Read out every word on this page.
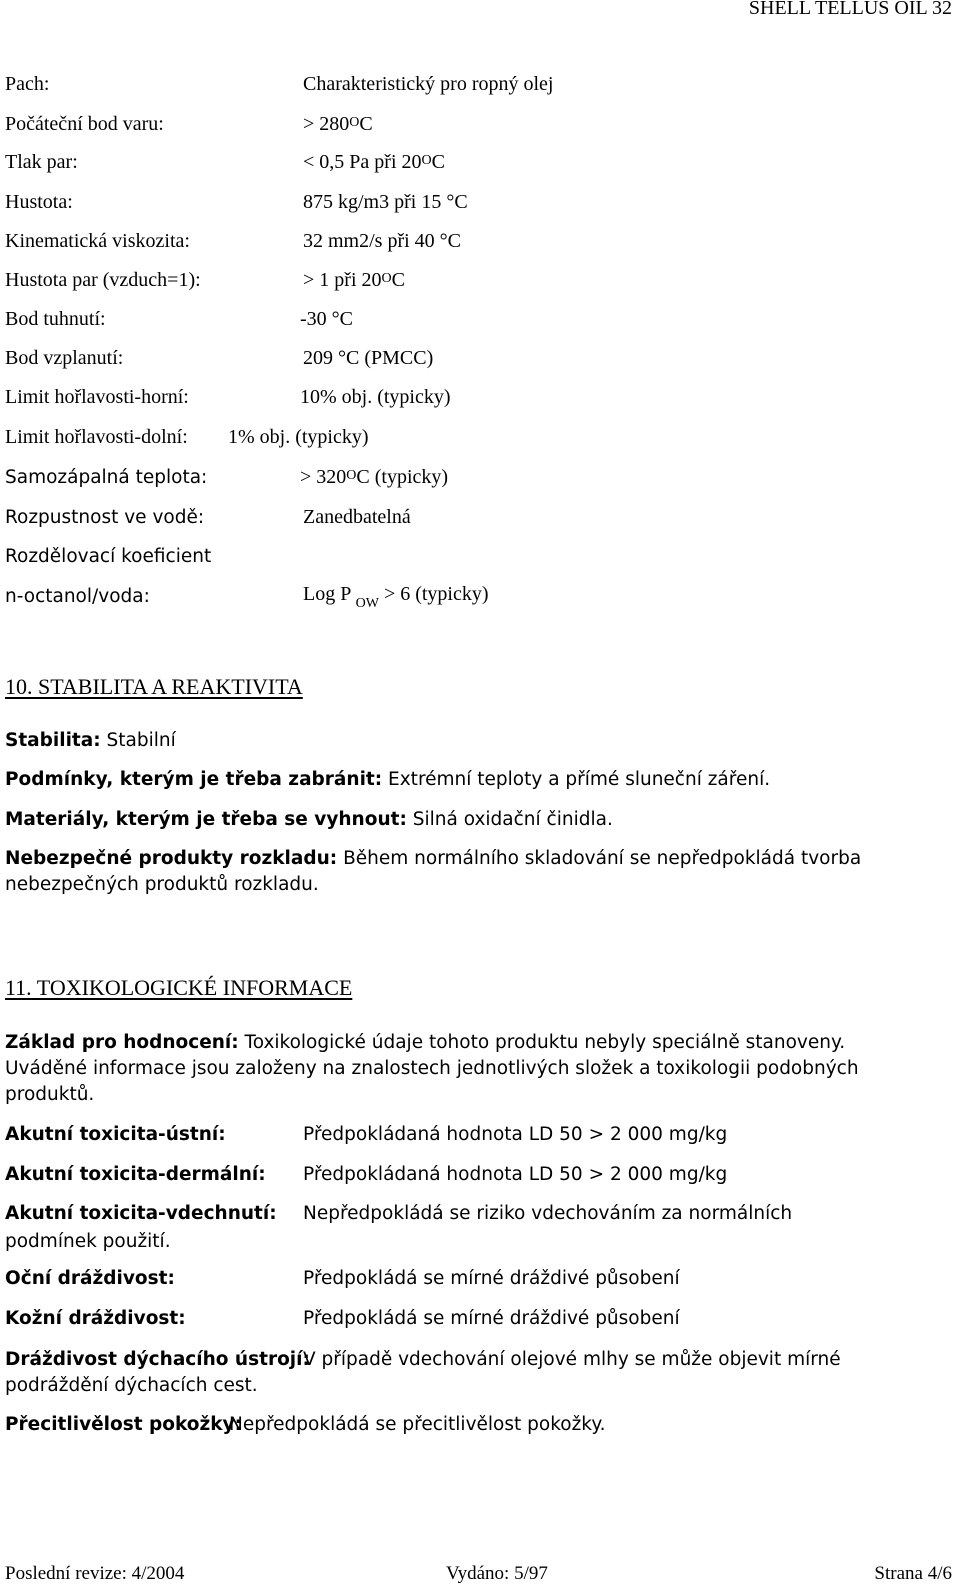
SHELL TELLUS OIL 32
Pach:	Charakteristický pro ropný olej
Počáteční bod varu:	> $280^OC$
Tlak par:	< 0,5 Pa při $20^OC$
Hustota:	875 kg/m3 při 15 °C
Kinematická viskozita:	32 mm2/s při 40 °C
Hustota par (vzduch=1):	> 1 při $20^OC$
Bod tuhnutí:	-30 °C
Bod vzplanutí:	209 °C (PMCC)
Limit hořlavosti-horní:	10% obj. (typicky)
Limit hořlavosti-dolní: 1% obj. (typicky)
Samozápalná teplota:	> $320^OC$ (typicky)
Rozpustnost ve vodě:	Zanedbatelná
Rozdělovací koeficient
n-octanol/voda:	Log P $_{OW}$ > 6 (typicky)
10. STABILITA A REAKTIVITA
Stabilita: Stabilní
Podmínky, kterým je třeba zabránit: Extrémní teploty a přímé sluneční záření.
Materiály, kterým je třeba se vyhnout: Silná oxidační činidla.
Nebezpečné produkty rozkladu: Během normálního skladování se nepředpokládá tvorba nebezpečných produktů rozkladu.
11. TOXIKOLOGICKÉ INFORMACE
Základ pro hodnocení: Toxikologické údaje tohoto produktu nebyly speciálně stanoveny. Uváděné informace jsou založeny na znalostech jednotlivých složek a toxikologii podobných produktů.
Akutní toxicita-ústní:	Předpokládaná hodnota LD 50 > 2 000 mg/kg
Akutní toxicita-dermální: Předpokládaná hodnota LD 50 > 2 000 mg/kg
Akutní toxicita-vdechnutí: Nepředpokládá se riziko vdechováním za normálních
podmínek použití.
Oční dráždivost:	Předpokládá se mírné dráždivé působení
Kožní dráždivost:	Předpokládá se mírné dráždivé působení
Dráždivost dýchacího ústrojí:
V případě vdechování olejové mlhy se může objevit mírné
podráždění dýchacích cest.
Přecitlivělost pokožky:
Nepředpokládá se přecitlivělost pokožky.
Poslední revize: 4/2004	Vydáno: 5/97	Strana 4/6
